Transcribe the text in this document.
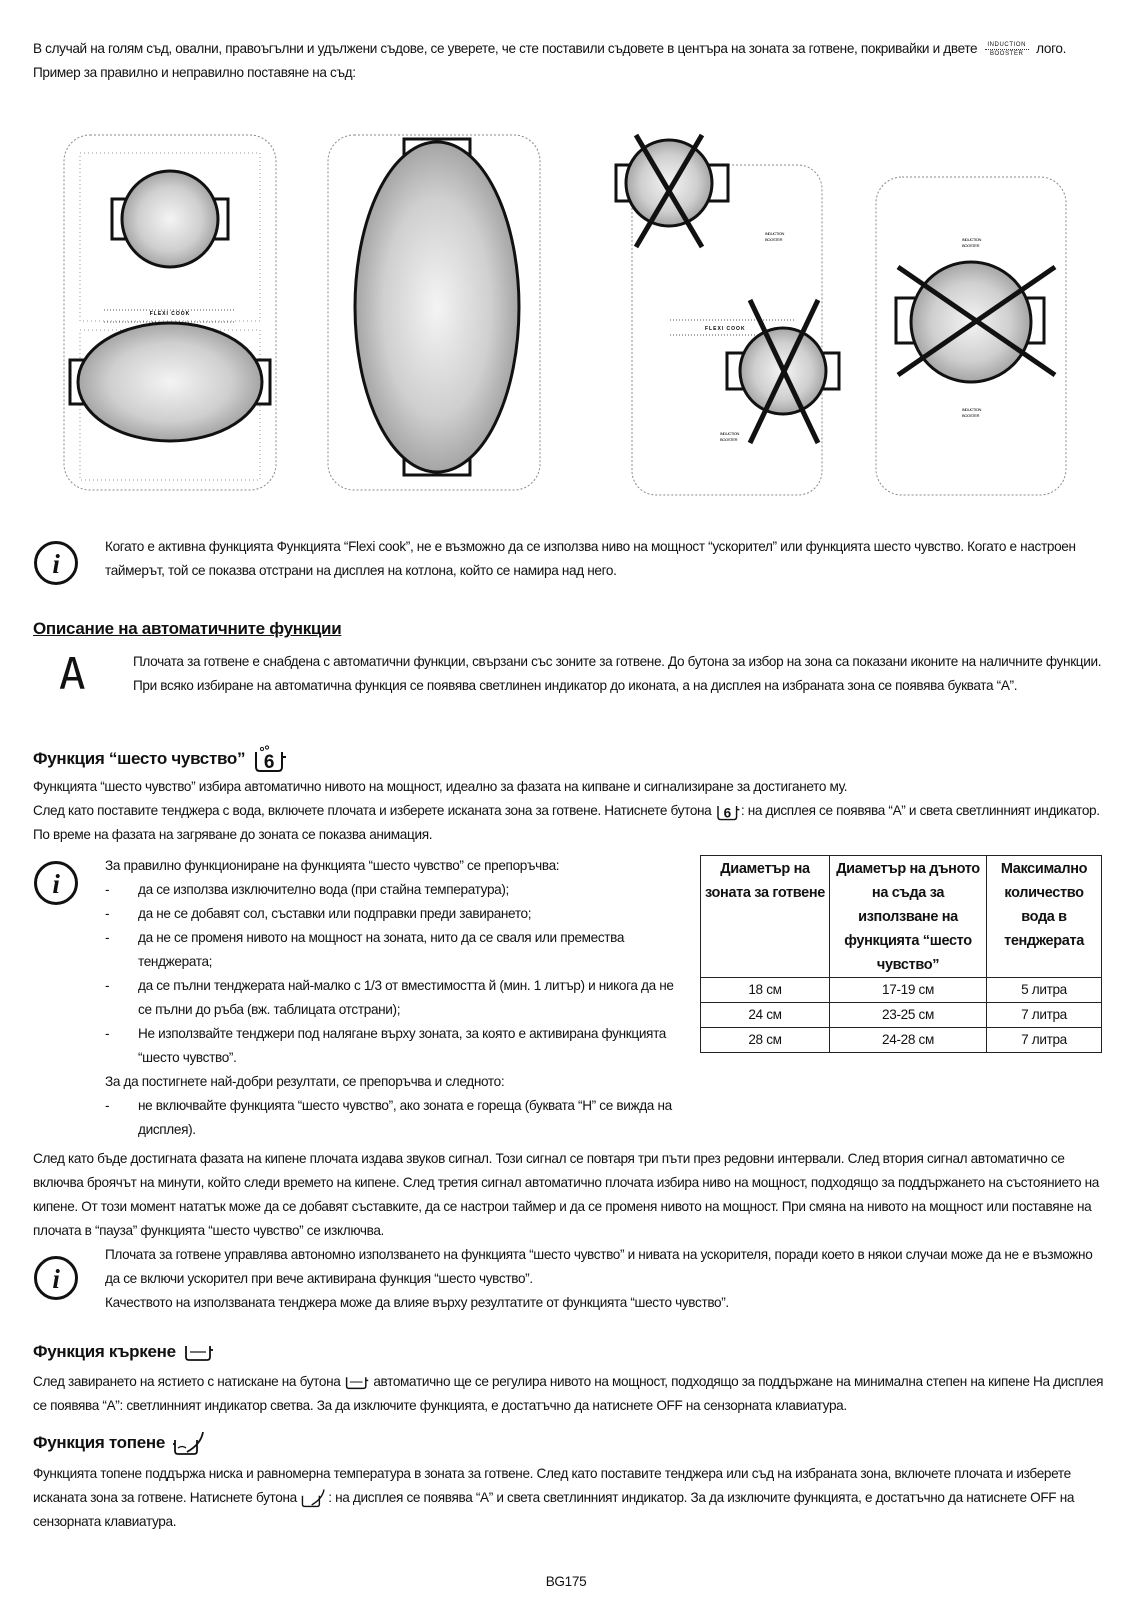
В случай на голям съд, овални, правоъгълни и удължени съдове, се уверете, че сте поставили съдовете в центъра на зоната за готвене, покривайки и двете INDUCTION
BOOSTER лого.

Пример за правилно и неправилно поставяне на съд:

FLEXI COOK
INDUCTION
BOOSTER
FLEXI COOK
INDUCTION
BOOSTER
INDUCTION
BOOSTER
INDUCTION
BOOSTER
i

Когато е активна функцията Функцията “Flexi cook”, не е възможно да се използва ниво на мощност “ускорител” или функцията шесто чувство. Когато е настроен таймерът, той се показва отстрани на дисплея на котлона, който се намира над него.

Описание на автоматичните функции
A	Плочата за готвене е снабдена с автоматични функции, свързани със зоните за готвене. До бутона за избор на зона са показани иконите на наличните функции. При всяко избиране на автоматична функция се появява светлинен индикатор до иконата, а на дисплея на избраната зона се появява буквата “A”.

Функция “шесто чувство” 6

Функцията “шесто чувство” избира автоматично нивото на мощност, идеално за фазата на кипване и сигнализиране за достигането му.

След като поставите тенджера с вода, включете плочата и изберете исканата зона за готвене. Натиснете бутона 6 : на дисплея се появява “A” и света светлинният индикатор. По време на фазата на загряване до зоната се показва анимация.

i

За правилно функциониране на функцията “шесто чувство” се препоръчва:

- да се използва изключително вода (при стайна температура);
- да не се добавят сол, съставки или подправки преди завирането;
- да не се променя нивото на мощност на зоната, нито да се сваля или премества тенджерата;
- да се пълни тенджерата най-малко с 1/3 от вместимостта й (мин. 1 литър) и никога да не се пълни до ръба (вж. таблицата отстрани);
- Не използвайте тенджери под налягане върху зоната, за която е активирана функцията “шесто чувство”.

За да постигнете най-добри резултати, се препоръчва и следното:

- не включвайте функцията “шесто чувство”, ако зоната е гореща (буквата “H” се вижда на дисплея).
Диаметър на зоната за готвене	Диаметър на дъното на съда за използване на функцията “шесто чувство”	Максимално количество вода в тенджерата
18 см	17-19 см	5 литра
24 см	23-25 см	7 литра
28 см	24-28 см	7 литра

След като бъде достигната фазата на кипене плочата издава звуков сигнал. Този сигнал се повтаря три пъти през редовни интервали. След втория сигнал автоматично се включва броячът на минути, който следи времето на кипене. След третия сигнал автоматично плочата избира ниво на мощност, подходящо за поддържането на състоянието на кипене. От този момент нататък може да се добавят съставките, да се настрои таймер и да се променя нивото на мощност. При смяна на нивото на мощност или поставяне на плочата в “пауза” функцията “шесто чувство” се изключва.

i

Плочата за готвене управлява автономно използването на функцията “шесто чувство” и нивата на ускорителя, поради което в някои случаи може да не е възможно да се включи ускорител при вече активирана функция “шесто чувство”.

Качеството на използваната тенджера може да влияе върху резултатите от функцията “шесто чувство”.

Функция къркене

След завирането на ястието с натискане на бутона автоматично ще се регулира нивото на мощност, подходящо за поддържане на минимална степен на кипене На дисплея се появява “A”: светлинният индикатор светва. За да изключите функцията, е достатъчно да натиснете OFF на сензорната клавиатура.

Функция топене

Функцията топене поддържа ниска и равномерна температура в зоната за готвене. След като поставите тенджера или съд на избраната зона, включете плочата и изберете исканата зона за готвене. Натиснете бутона : на дисплея се появява “A” и света светлинният индикатор. За да изключите функцията, е достатъчно да натиснете OFF на сензорната клавиатура.

BG175
